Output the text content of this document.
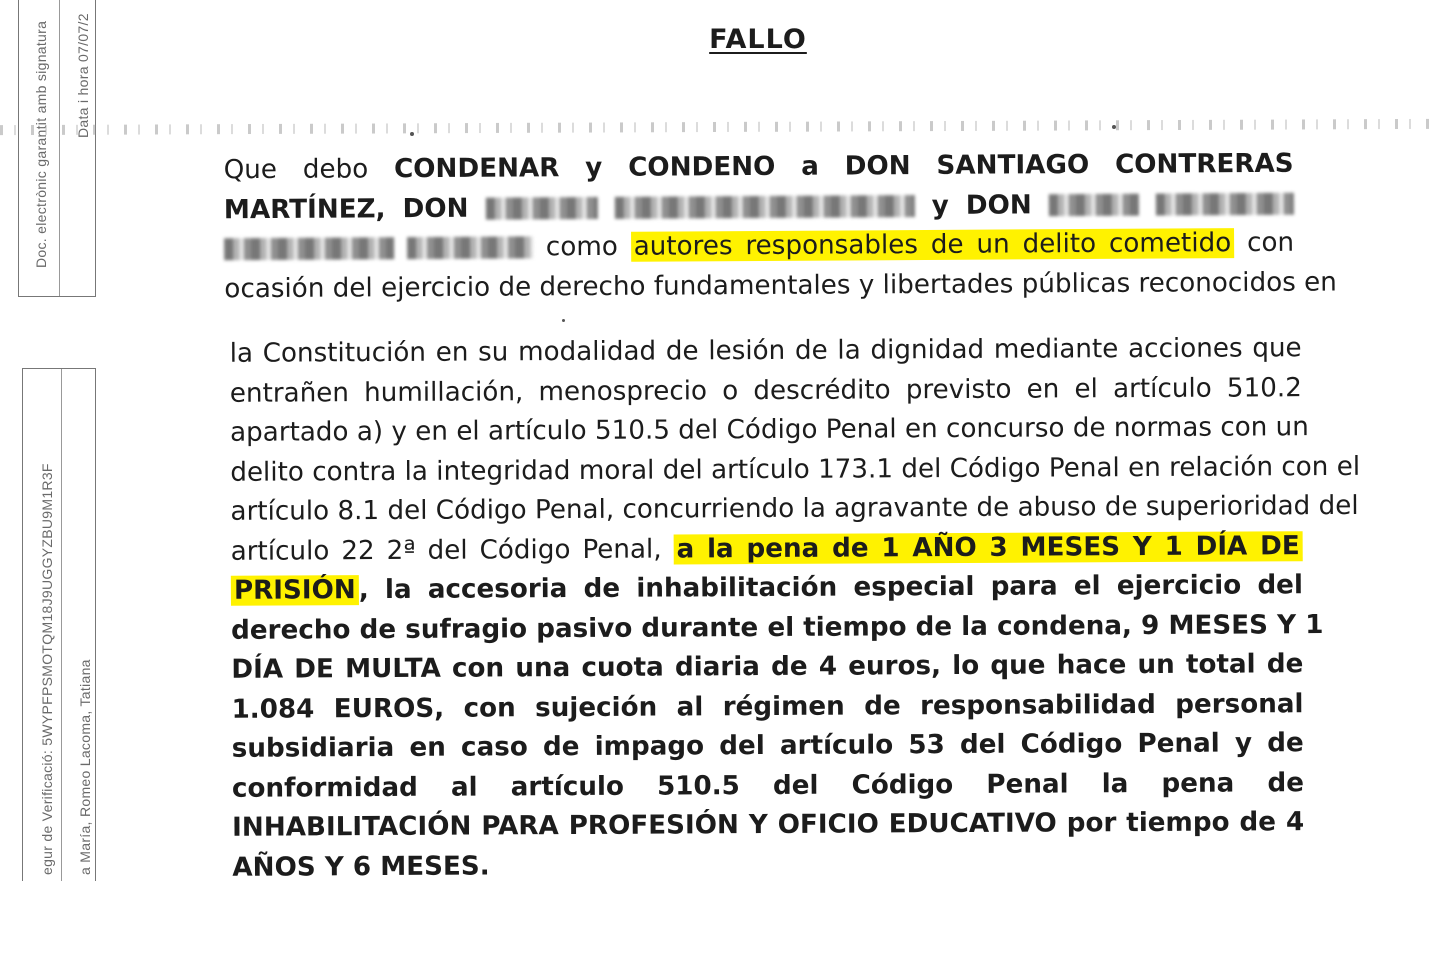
Doc. electrònic garantit amb signatura Data i hora 07/07/2
egur de Verificació: 5WYPFPSMOTQM18J9UGGYZBU9M1R3F a María, Romeo Lacoma, Tatiana
FALLO
Que debo CONDENAR y CONDENO a DON SANTIAGO CONTRERAS
MARTÍNEZ, DON	y DON
como autores responsables de un delito cometido con
ocasión del ejercicio de derecho fundamentales y libertades públicas reconocidos en
la Constitución en su modalidad de lesión de la dignidad mediante acciones que
entrañen humillación, menosprecio o descrédito previsto en el artículo 510.2
apartado a) y en el artículo 510.5 del Código Penal en concurso de normas con un
delito contra la integridad moral del artículo 173.1 del Código Penal en relación con el
artículo 8.1 del Código Penal, concurriendo la agravante de abuso de superioridad del
artículo 22 2ª del Código Penal, a la pena de 1 AÑO 3 MESES Y 1 DÍA DE
PRISIÓN , la accesoria de inhabilitación especial para el ejercicio del
derecho de sufragio pasivo durante el tiempo de la condena, 9 MESES Y 1
DÍA DE MULTA con una cuota diaria de 4 euros, lo que hace un total de
1.084 EUROS, con sujeción al régimen de responsabilidad personal
subsidiaria en caso de impago del artículo 53 del Código Penal y de
conformidad al artículo 510.5 del Código Penal la pena de
INHABILITACIÓN PARA PROFESIÓN Y OFICIO EDUCATIVO por tiempo de 4
AÑOS Y 6 MESES.
